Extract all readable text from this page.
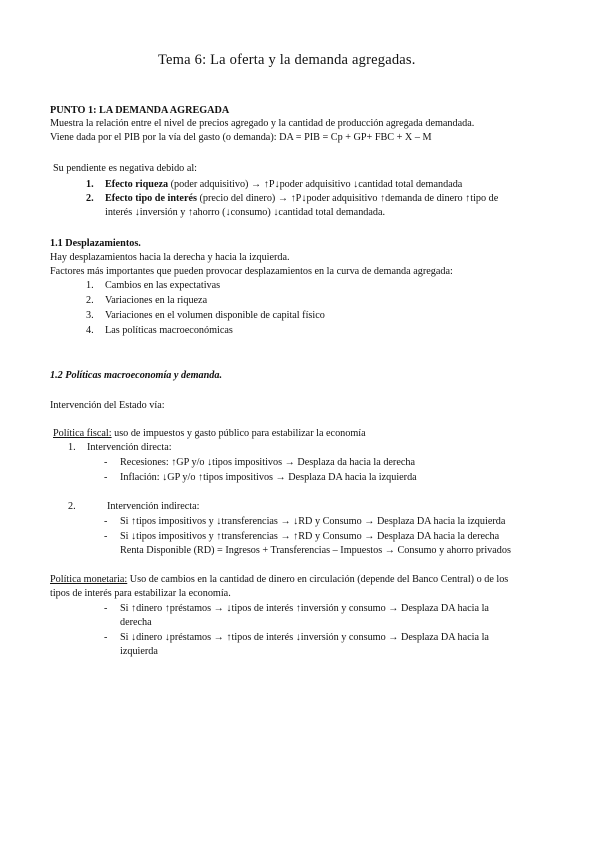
Tema 6: La oferta y la demanda agregadas.
PUNTO 1: LA DEMANDA AGREGADA
Muestra la relación entre el nivel de precios agregado y la cantidad de producción agregada demandada.
Viene dada por el PIB por la vía del gasto (o demanda): DA = PIB = Cp + GP+ FBC + X – M
Su pendiente es negativa debido al:
1. Efecto riqueza (poder adquisitivo) → ↑P↓poder adquisitivo ↓cantidad total demandada
2. Efecto tipo de interés (precio del dinero) → ↑P↓poder adquisitivo ↑demanda de dinero ↑tipo de
interés ↓inversión y ↑ahorro (↓consumo) ↓cantidad total demandada.
1.1 Desplazamientos.
Hay desplazamientos hacia la derecha y hacia la izquierda.
Factores más importantes que pueden provocar desplazamientos en la curva de demanda agregada:
1. Cambios en las expectativas
2. Variaciones en la riqueza
3. Variaciones en el volumen disponible de capital físico
4. Las políticas macroeconómicas
1.2 Políticas macroeconomía y demanda.
Intervención del Estado vía:
Política fiscal: uso de impuestos y gasto público para estabilizar la economía
1. Intervención directa:
- Recesiones: ↑GP y/o ↓tipos impositivos → Desplaza da hacia la derecha
- Inflación: ↓GP y/o ↑tipos impositivos → Desplaza DA hacia la izquierda
2.	Intervención indirecta:
- Si ↑tipos impositivos y ↓transferencias → ↓RD y Consumo → Desplaza DA hacia la izquierda
- Si ↓tipos impositivos y ↑transferencias → ↑RD y Consumo → Desplaza DA hacia la derecha
Renta Disponible (RD) = Ingresos + Transferencias – Impuestos → Consumo y ahorro privados
Política monetaria: Uso de cambios en la cantidad de dinero en circulación (depende del Banco Central) o de los
tipos de interés para estabilizar la economía.
- Si ↑dinero ↑préstamos → ↓tipos de interés ↑inversión y consumo → Desplaza DA hacia la
derecha
- Si ↓dinero ↓préstamos → ↑tipos de interés ↓inversión y consumo → Desplaza DA hacia la
izquierda
